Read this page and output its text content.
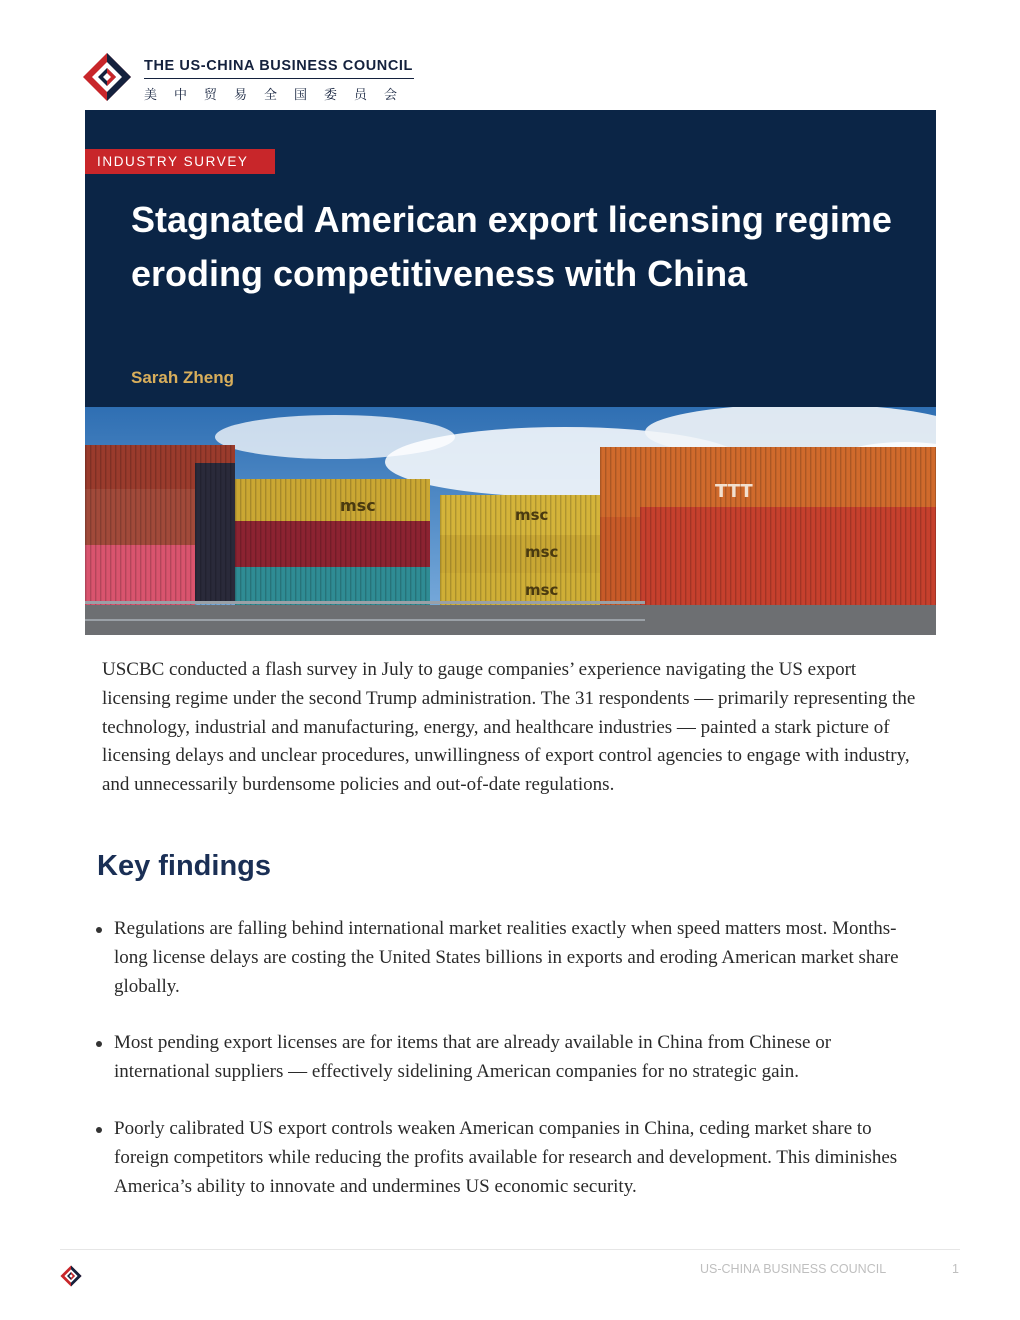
THE US-CHINA BUSINESS COUNCIL
美中贸易全国委员会
INDUSTRY SURVEY
Stagnated American export licensing regime eroding competitiveness with China
Sarah Zheng
msc	msc
msc
msc
TTT

USCBC conducted a flash survey in July to gauge companies’ experience navigating the US export licensing regime under the second Trump administration. The 31 respondents — primarily representing the technology, industrial and manufacturing, energy, and healthcare industries — painted a stark picture of licensing delays and unclear procedures, unwillingness of export control agencies to engage with industry, and unnecessarily burdensome policies and out-of-date regulations.

Key findings
Regulations are falling behind international market realities exactly when speed matters most. Months-long license delays are costing the United States billions in exports and eroding American market share globally.
Most pending export licenses are for items that are already available in China from Chinese or international suppliers — effectively sidelining American companies for no strategic gain.
Poorly calibrated US export controls weaken American companies in China, ceding market share to foreign competitors while reducing the profits available for research and development. This diminishes America’s ability to innovate and undermines US economic security.
US-CHINA BUSINESS COUNCIL	1
